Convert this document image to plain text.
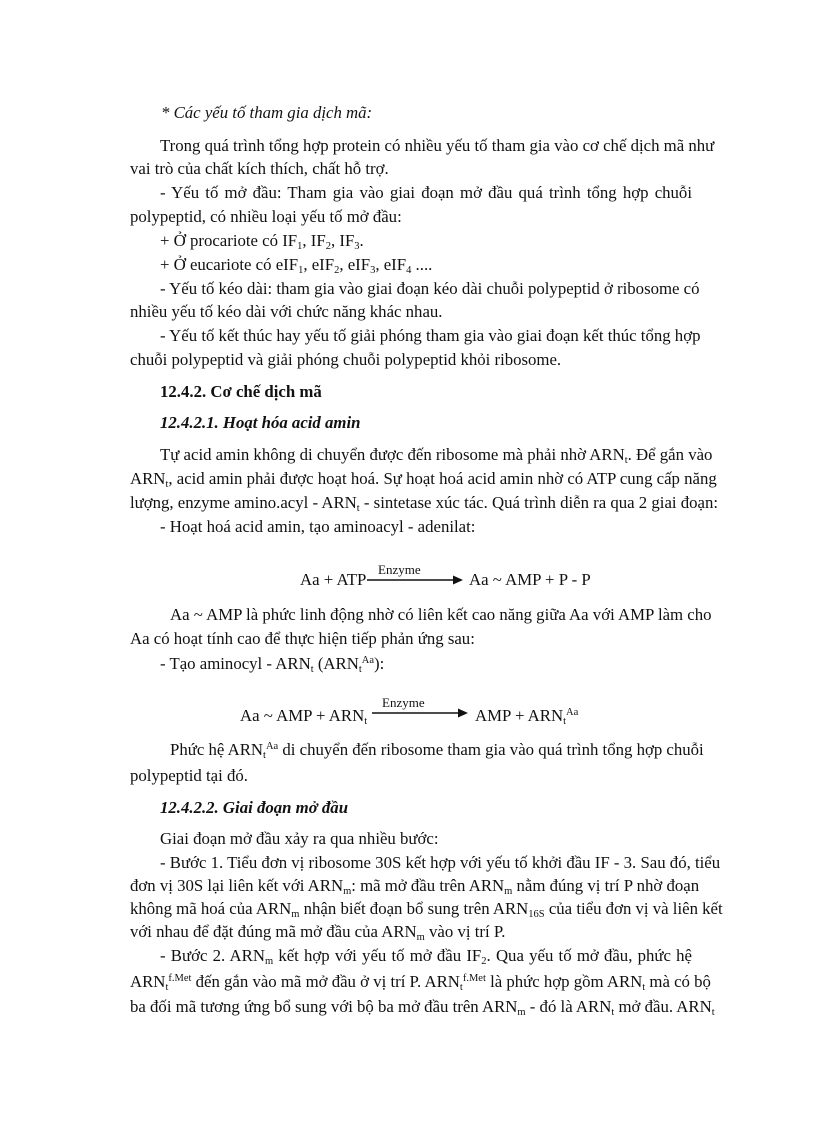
* Các yếu tố tham gia dịch mã:
Trong quá trình tổng hợp protein có nhiều yếu tố tham gia vào cơ chế dịch mã như
vai trò của chất kích thích, chất hỗ trợ.
- Yếu tố mở đầu: Tham gia vào giai đoạn mở đầu quá trình tổng hợp chuỗi
polypeptid, có nhiều loại yếu tố mở đầu:
+ Ở procariote có $IF_1$, $IF_2$, $IF_3$.
+ Ở eucariote có eIF$_1$, eIF$_2$, eIF$_3$, eIF$_4$ ....
- Yếu tố kéo dài: tham gia vào giai đoạn kéo dài chuỗi polypeptid ở ribosome có
nhiều yếu tố kéo dài với chức năng khác nhau.
- Yếu tố kết thúc hay yếu tố giải phóng tham gia vào giai đoạn kết thúc tổng hợp
chuỗi polypeptid và giải phóng chuỗi polypeptid khỏi ribosome.
12.4.2. Cơ chế dịch mã
12.4.2.1. Hoạt hóa acid amin
Tự acid amin không di chuyển được đến ribosome mà phải nhờ $ARN_t$. Để gắn vào
$ARN_t$, acid amin phải được hoạt hoá. Sự hoạt hoá acid amin nhờ có ATP cung cấp năng
lượng, enzyme amino.acyl - $ARN_t$ - sintetase xúc tác. Quá trình diễn ra qua 2 giai đoạn:
- Hoạt hoá acid amin, tạo aminoacyl - adenilat:
Aa + ATP
Enzyme
Aa ~ AMP + P - P
Aa ~ AMP là phức linh động nhờ có liên kết cao năng giữa Aa với AMP làm cho
Aa có hoạt tính cao để thực hiện tiếp phản ứng sau:
- Tạo aminocyl - $ARN_t$ $(ARN_t^{Aa})$:
Aa ~ AMP + $ARN_t$
Enzyme
AMP + $ARN_t^{Aa}$
Phức hệ $ARN_t^{Aa}$ di chuyển đến ribosome tham gia vào quá trình tổng hợp chuỗi
polypeptid tại đó.
12.4.2.2. Giai đoạn mở đầu
Giai đoạn mở đầu xảy ra qua nhiều bước:
- Bước 1. Tiểu đơn vị ribosome 30S kết hợp với yếu tố khởi đầu IF - 3. Sau đó, tiểu
đơn vị 30S lại liên kết với $ARN_m$: mã mở đầu trên $ARN_m$ nằm đúng vị trí P nhờ đoạn
không mã hoá của $ARN_m$ nhận biết đoạn bổ sung trên $ARN_{16S}$ của tiểu đơn vị và liên kết
với nhau để đặt đúng mã mở đầu của $ARN_m$ vào vị trí P.
- Bước 2. $ARN_m$ kết hợp với yếu tố mở đầu $IF_2$. Qua yếu tố mở đầu, phức hệ
$ARN_t^{f.Met}$ đến gắn vào mã mở đầu ở vị trí P. $ARN_t^{f.Met}$ là phức hợp gồm $ARN_t$ mà có bộ
ba đối mã tương ứng bổ sung với bộ ba mở đầu trên $ARN_m$ - đó là $ARN_t$ mở đầu. $ARN_t$
